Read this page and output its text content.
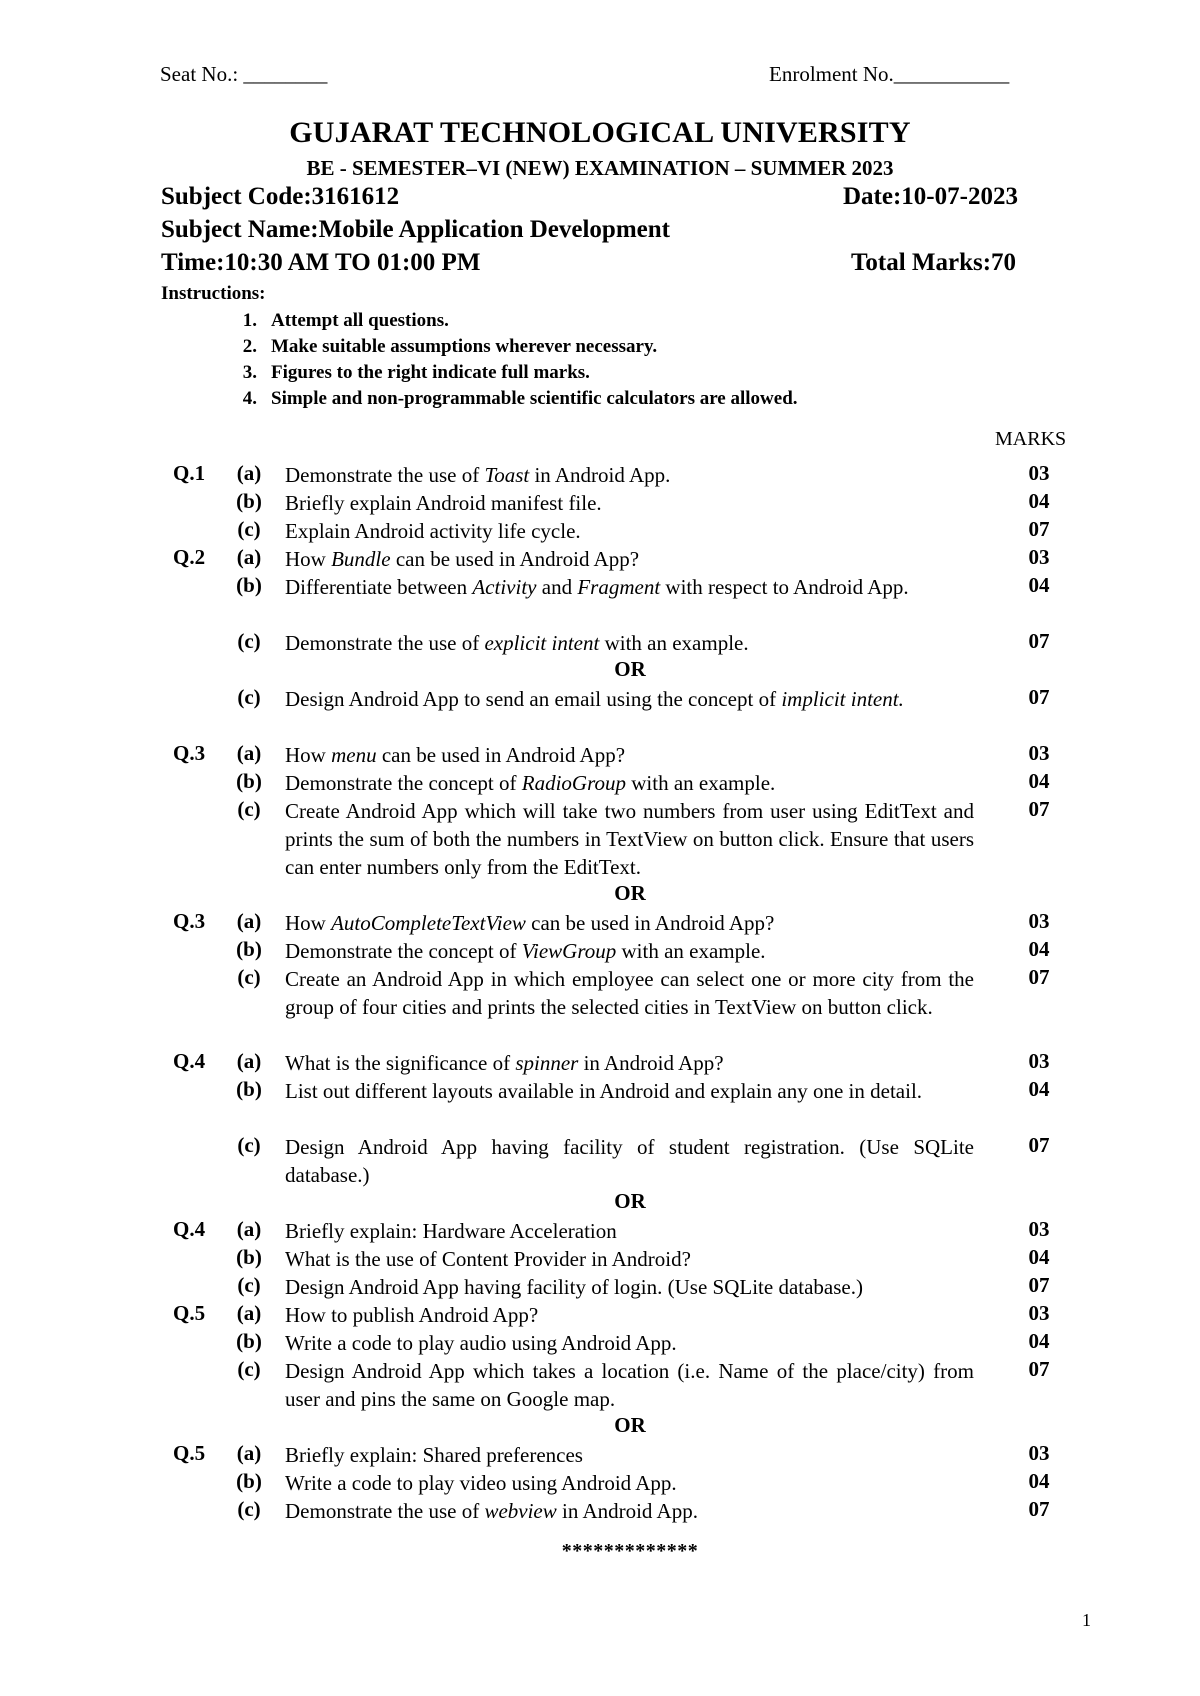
Seat No.: ________	Enrolment No.___________
GUJARAT TECHNOLOGICAL UNIVERSITY
BE - SEMESTER–VI (NEW) EXAMINATION – SUMMER 2023
Subject Code:3161612	Date:10-07-2023
Subject Name:Mobile Application Development
Time:10:30 AM TO 01:00 PM	Total Marks:70
Instructions:
1. Attempt all questions.
2. Make suitable assumptions wherever necessary.
3. Figures to the right indicate full marks.
4. Simple and non-programmable scientific calculators are allowed.
MARKS
Q.1 (a) Demonstrate the use of Toast in Android App.	03
(b) Briefly explain Android manifest file.	04
(c)	Explain Android activity life cycle.	07
Q.2 (a) How Bundle can be used in Android App?	03
(b) Differentiate between Activity and Fragment with respect to Android App.	04
(c)	Demonstrate the use of explicit intent with an example.	07
(c)	Design Android App to send an email using the concept of implicit intent.	07
Q.3 (a) How menu can be used in Android App?	03
(b) Demonstrate the concept of RadioGroup with an example.	04
(c)	Create Android App which will take two numbers from user using EditText and prints the sum of both the numbers in TextView on button click. Ensure that users can enter numbers only from the EditText.
07
Q.3 (a) How AutoCompleteTextView can be used in Android App?	03
(b) Demonstrate the concept of ViewGroup with an example.	04
(c)	Create an Android App in which employee can select one or more city from the group of four cities and prints the selected cities in TextView on button click.
07
Q.4 (a) What is the significance of spinner in Android App?	03
(b) List out different layouts available in Android and explain any one in detail.	04
(c)	Design Android App having facility of student registration. (Use SQLite database.)
07
Q.4 (a) Briefly explain: Hardware Acceleration	03
(b) What is the use of Content Provider in Android?	04
(c)	Design Android App having facility of login. (Use SQLite database.)	07
Q.5 (a) How to publish Android App?	03
(b) Write a code to play audio using Android App.	04
(c)	Design Android App which takes a location (i.e. Name of the place/city) from user and pins the same on Google map.
07
Q.5 (a) Briefly explain: Shared preferences	03
(b) Write a code to play video using Android App.	04
(c)	Demonstrate the use of webview in Android App.	07
OR
OR
OR
OR
*************
1
